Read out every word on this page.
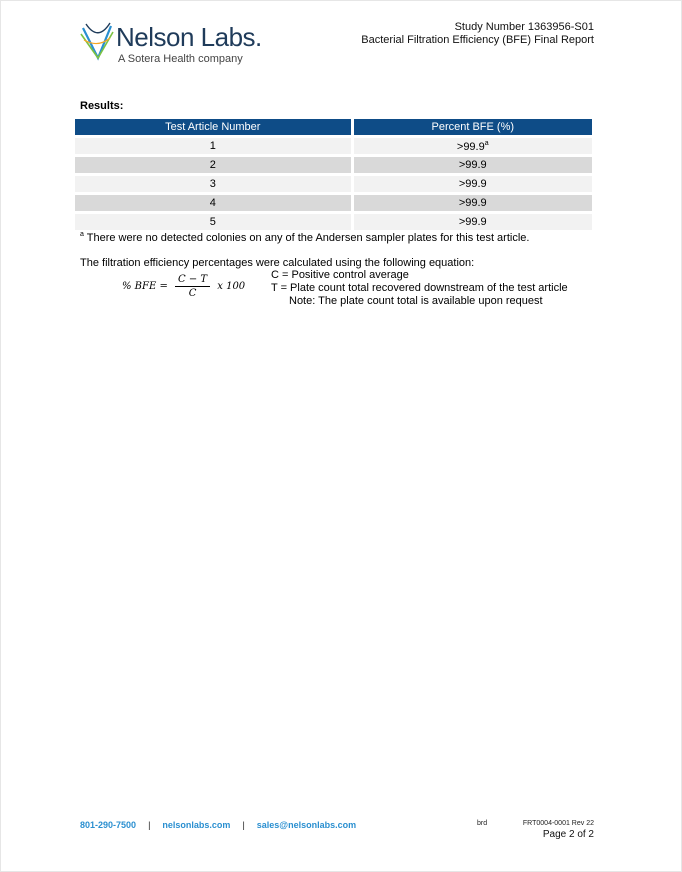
Nelson Labs.
A Sotera Health company
Study Number 1363956-S01
Bacterial Filtration Efficiency (BFE) Final Report
Results:
Test Article Number	Percent BFE (%)
1	>99.9$^a$
2	>99.9
3	>99.9
4	>99.9
5	>99.9
$^a$ There were no detected colonies on any of the Andersen sampler plates for this test article.
The filtration efficiency percentages were calculated using the following equation:
% BFE = $\frac{C - T}{C}$ x 100
C = Positive control average
T = Plate count total recovered downstream of the test article
Note: The plate count total is available upon request
801-290-7500 | nelsonlabs.com | sales@nelsonlabs.com	brd	FRT0004-0001 Rev 22
Page 2 of 2
